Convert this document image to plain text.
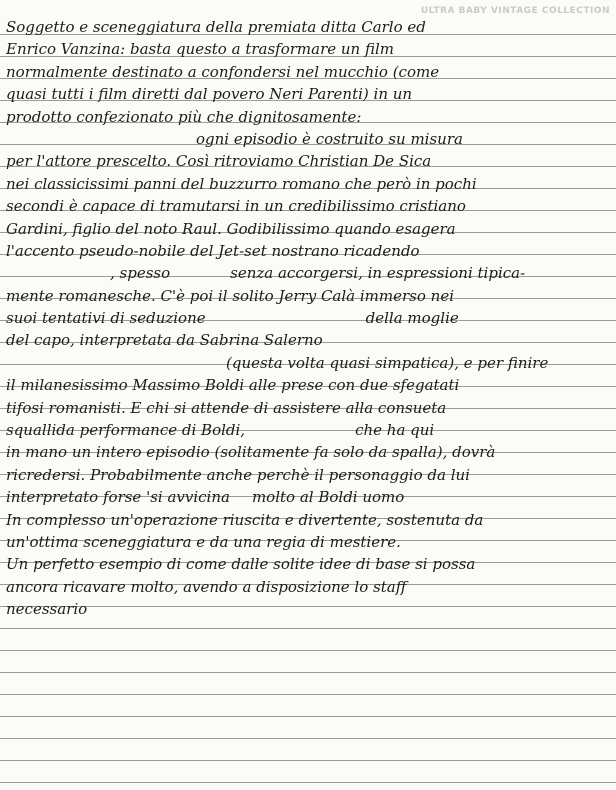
ULTRA BABY VINTAGE COLLECTION
Soggetto e sceneggiatura della premiata ditta Carlo ed
Enrico Vanzina: basta questo a trasformare un film
normalmente destinato a confondersi nel mucchio (come
quasi tutti i film diretti dal povero Neri Parenti) in un
prodotto confezionato più che dignitosamente:
ogni episodio è costruito su misura
per l'attore prescelto. Così ritroviamo Christian De Sica
nei classicissimi panni del buzzurro romano che però in pochi
secondi è capace di tramutarsi in un credibilissimo cristiano
Gardini, figlio del noto Raul. Godibilissimo quando esagera
l'accento pseudo-nobile del Jet-set nostrano ricadendo
, spesso	senza accorgersi, in espressioni tipica-
mente romanesche. C'è poi il solito Jerry Calà immerso nei
suoi tentativi di seduzione	della moglie
del capo, interpretata da Sabrina Salerno
(questa volta quasi simpatica), e per finire
il milanesissimo Massimo Boldi alle prese con due sfegatati
tifosi romanisti. E chi si attende di assistere alla consueta
squallida performance di Boldi,	che ha qui
in mano un intero episodio (solitamente fa solo da spalla), dovrà
ricredersi. Probabilmente anche perchè il personaggio da lui
interpretato forse 'si avvicina molto al Boldi uomo
In complesso un'operazione riuscita e divertente, sostenuta da
un'ottima sceneggiatura e da una regia di mestiere.
Un perfetto esempio di come dalle solite idee di base si possa
ancora ricavare molto, avendo a disposizione lo staff
necessario
